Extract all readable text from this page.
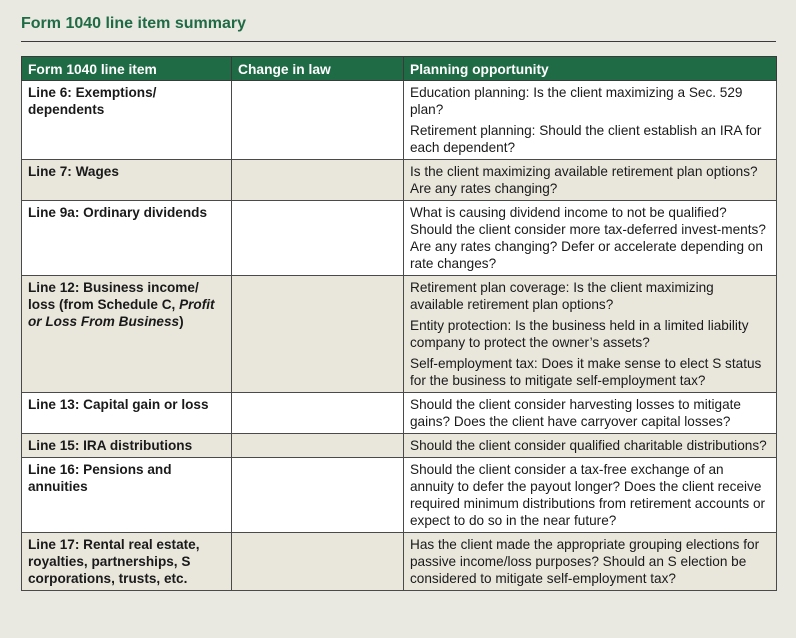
Form 1040 line item summary
Form 1040 line item	Change in law	Planning opportunity
Line 6: Exemptions/ dependents		Education planning: Is the client maximizing a Sec. 529 plan?

Retirement planning: Should the client establish an IRA for each dependent?

Line 7: Wages		Is the client maximizing available retirement plan options? Are any rates changing?

Line 9a: Ordinary dividends		What is causing dividend income to not be qualified? Should the client consider more tax-deferred invest-ments? Are any rates changing? Defer or accelerate depending on rate changes?

Line 12: Business income/ loss (from Schedule C, Profit or Loss From Business)		Retirement plan coverage: Is the client maximizing available retirement plan options?

Entity protection: Is the business held in a limited liability company to protect the owner’s assets?

Self-employment tax: Does it make sense to elect S status for the business to mitigate self-employment tax?

Line 13: Capital gain or loss		Should the client consider harvesting losses to mitigate gains? Does the client have carryover capital losses?

Line 15: IRA distributions		Should the client consider qualified charitable distributions?

Line 16: Pensions and annuities		Should the client consider a tax-free exchange of an annuity to defer the payout longer? Does the client receive required minimum distributions from retirement accounts or expect to do so in the near future?

Line 17: Rental real estate, royalties, partnerships, S corporations, trusts, etc.		Has the client made the appropriate grouping elections for passive income/loss purposes? Should an S election be considered to mitigate self-employment tax?
